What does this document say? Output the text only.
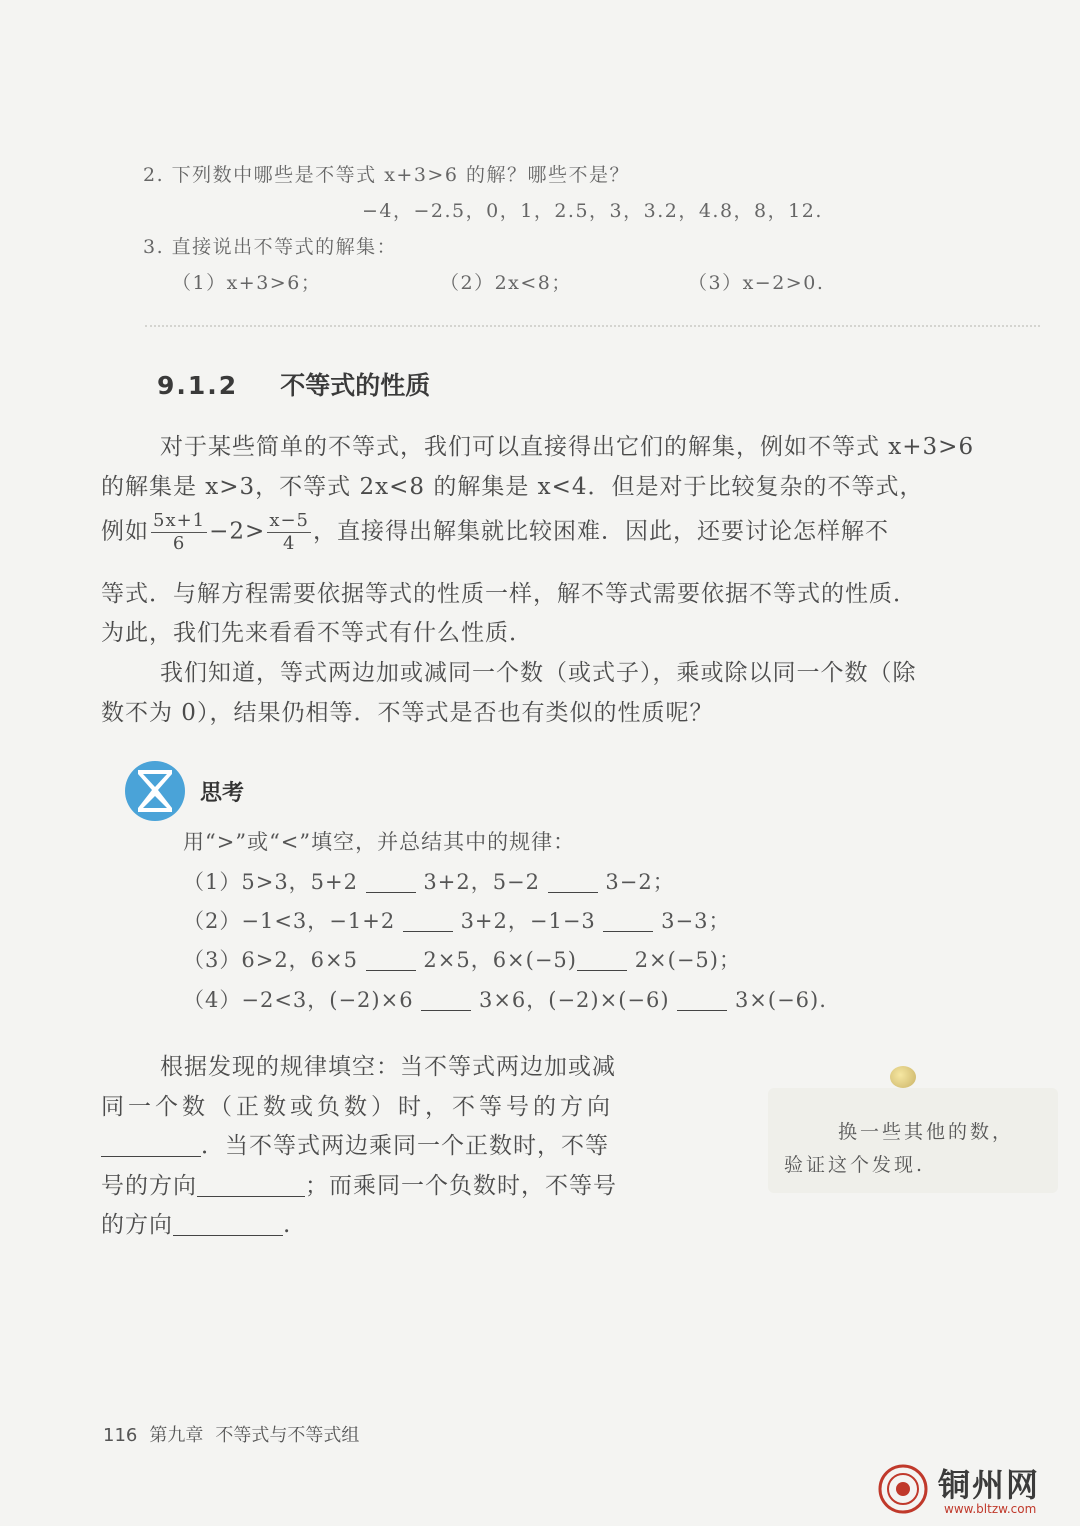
2. 下列数中哪些是不等式 x+3>6 的解？哪些不是？
−4，−2.5，0，1，2.5，3，3.2，4.8，8，12.
3. 直接说出不等式的解集：
（1）x+3>6；	（2）2x<8；	（3）x−2>0.
9.1.2 不等式的性质
对于某些简单的不等式，我们可以直接得出它们的解集，例如不等式 x+3>6
的解集是 x>3，不等式 2x<8 的解集是 x<4．但是对于比较复杂的不等式，
例如 $\frac{5x+1}{6} -2> \frac{x-5}{4}$ ，直接得出解集就比较困难．因此，还要讨论怎样解不
等式．与解方程需要依据等式的性质一样，解不等式需要依据不等式的性质．
为此，我们先来看看不等式有什么性质．
我们知道，等式两边加或减同一个数（或式子），乘或除以同一个数（除
数不为 0），结果仍相等．不等式是否也有类似的性质呢？
思考
用“>”或“<”填空，并总结其中的规律：
（1）5>3，5+2	3+2，5−2	3−2；
（2）−1<3，−1+2	3+2，−1−3	3−3；
（3）6>2，6×5	2×5，6×(−5)	2×(−5)；
（4）−2<3，(−2)×6	3×6，(−2)×(−6)	3×(−6).
根据发现的规律填空：当不等式两边加或减
同一个数（正数或负数）时，不等号的方向
．当不等式两边乘同一个正数时，不等
号的方向	；而乘同一个负数时，不等号
的方向	.
换一些其他的数，
验证这个发现.
116 第九章 不等式与不等式组
铜州网
www.bltzw.com
